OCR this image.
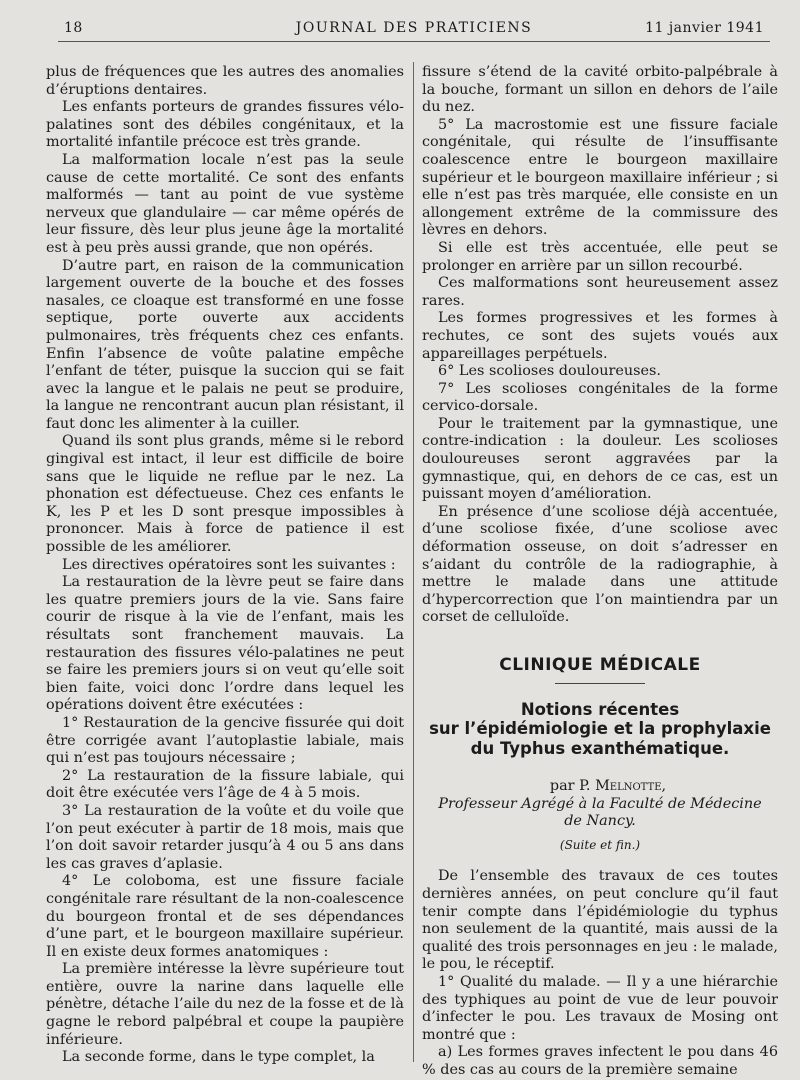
18	JOURNAL DES PRATICIENS	11 janvier 1941

plus de fréquences que les autres des anomalies d’éruptions dentaires.

Les enfants porteurs de grandes fissures vélo-palatines sont des débiles congénitaux, et la mortalité infantile précoce est très grande.

La malformation locale n’est pas la seule cause de cette mortalité. Ce sont des enfants malformés — tant au point de vue système nerveux que glandulaire — car même opérés de leur fissure, dès leur plus jeune âge la mortalité est à peu près aussi grande, que non opérés.

D’autre part, en raison de la communication largement ouverte de la bouche et des fosses nasales, ce cloaque est transformé en une fosse septique, porte ouverte aux accidents pulmonaires, très fréquents chez ces enfants. Enfin l’absence de voûte palatine empêche l’enfant de téter, puisque la succion qui se fait avec la langue et le palais ne peut se produire, la langue ne rencontrant aucun plan résistant, il faut donc les alimenter à la cuiller.

Quand ils sont plus grands, même si le rebord gingival est intact, il leur est difficile de boire sans que le liquide ne reflue par le nez. La phonation est défectueuse. Chez ces enfants le K, les P et les D sont presque impossibles à prononcer. Mais à force de patience il est possible de les améliorer.

Les directives opératoires sont les suivantes :

La restauration de la lèvre peut se faire dans les quatre premiers jours de la vie. Sans faire courir de risque à la vie de l’enfant, mais les résultats sont franchement mauvais. La restauration des fissures vélo-palatines ne peut se faire les premiers jours si on veut qu’elle soit bien faite, voici donc l’ordre dans lequel les opérations doivent être exécutées :

1° Restauration de la gencive fissurée qui doit être corrigée avant l’autoplastie labiale, mais qui n’est pas toujours nécessaire ;

2° La restauration de la fissure labiale, qui doit être exécutée vers l’âge de 4 à 5 mois.

3° La restauration de la voûte et du voile que l’on peut exécuter à partir de 18 mois, mais que l’on doit savoir retarder jusqu’à 4 ou 5 ans dans les cas graves d’aplasie.

4° Le coloboma, est une fissure faciale congénitale rare résultant de la non-coalescence du bourgeon frontal et de ses dépendances d’une part, et le bourgeon maxillaire supérieur. Il en existe deux formes anatomiques :

La première intéresse la lèvre supérieure tout entière, ouvre la narine dans laquelle elle pénètre, détache l’aile du nez de la fosse et de là gagne le rebord palpébral et coupe la paupière inférieure.

La seconde forme, dans le type complet, la

fissure s’étend de la cavité orbito-palpébrale à la bouche, formant un sillon en dehors de l’aile du nez.

5° La macrostomie est une fissure faciale congénitale, qui résulte de l’insuffisante coalescence entre le bourgeon maxillaire supérieur et le bourgeon maxillaire inférieur ; si elle n’est pas très marquée, elle consiste en un allongement extrême de la commissure des lèvres en dehors.

Si elle est très accentuée, elle peut se prolonger en arrière par un sillon recourbé.

Ces malformations sont heureusement assez rares.

Les formes progressives et les formes à rechutes, ce sont des sujets voués aux appareillages perpétuels.

6° Les scolioses douloureuses.

7° Les scolioses congénitales de la forme cervico-dorsale.

Pour le traitement par la gymnastique, une contre-indication : la douleur. Les scolioses douloureuses seront aggravées par la gymnastique, qui, en dehors de ce cas, est un puissant moyen d’amélioration.

En présence d’une scoliose déjà accentuée, d’une scoliose fixée, d’une scoliose avec déformation osseuse, on doit s’adresser en s’aidant du contrôle de la radiographie, à mettre le malade dans une attitude d’hypercorrection que l’on maintiendra par un corset de celluloïde.

CLINIQUE MÉDICALE
Notions récentes
sur l’épidémiologie et la prophylaxie
du Typhus exanthématique.

par P. Melnotte,

Professeur Agrégé à la Faculté de Médecine
de Nancy.
(Suite et fin.)

De l’ensemble des travaux de ces toutes dernières années, on peut conclure qu’il faut tenir compte dans l’épidémiologie du typhus non seulement de la quantité, mais aussi de la qualité des trois personnages en jeu : le malade, le pou, le réceptif.

1° Qualité du malade. — Il y a une hiérarchie des typhiques au point de vue de leur pouvoir d’infecter le pou. Les travaux de Mosing ont montré que :

a) Les formes graves infectent le pou dans 46 % des cas au cours de la première semaine
